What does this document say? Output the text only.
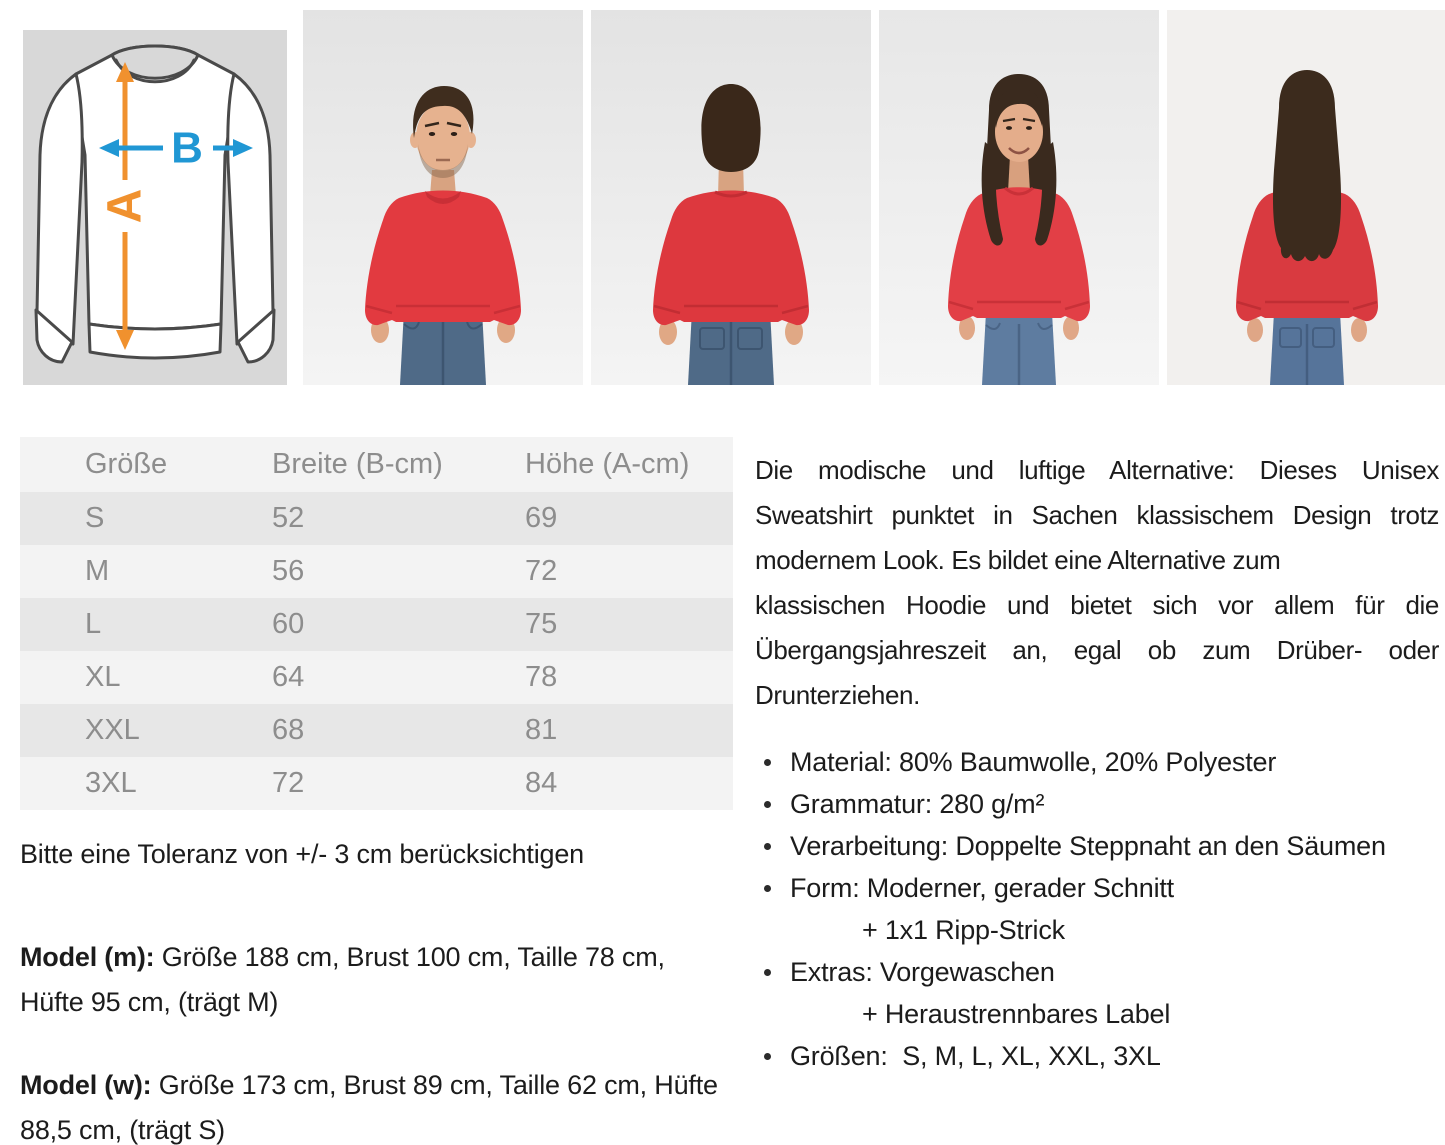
A
B
Größe	Breite (B-cm)	Höhe (A-cm)
S	52	69
M	56	72
L	60	75
XL	64	78
XXL	68	81
3XL	72	84

Bitte eine Toleranz von +/- 3 cm berücksichtigen

Model (m): Größe 188 cm, Brust 100 cm, Taille 78 cm, Hüfte 95 cm, (trägt M)

Model (w): Größe 173 cm, Brust 89 cm, Taille 62 cm, Hüfte 88,5 cm, (trägt S)

Die modische und luftige Alternative: Dieses Unisex
Sweatshirt punktet in Sachen klassischem Design trotz
modernem Look. Es bildet eine Alternative zum
klassischen Hoodie und bietet sich vor allem für die
Übergangsjahreszeit an, egal ob zum Drüber- oder
Drunterziehen.
Material: 80% Baumwolle, 20% Polyester
Grammatur: 280 g/m²
Verarbeitung: Doppelte Steppnaht an den Säumen
Form: Moderner, gerader Schnitt
+ 1x1 Ripp-Strick
Extras: Vorgewaschen
+ Heraustrennbares Label
Größen:  S, M, L, XL, XXL, 3XL
